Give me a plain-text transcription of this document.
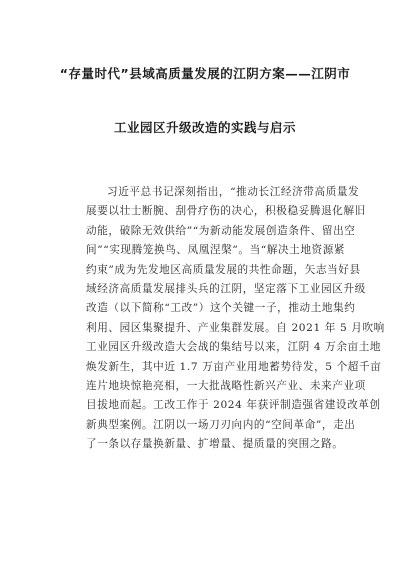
“存量时代”县域高质量发展的江阴方案——江阴市
工业园区升级改造的实践与启示
习近平总书记深刻指出，“推动长江经济带高质量发
展要以壮士断腕、刮骨疗伤的决心，积极稳妥腾退化解旧
动能，破除无效供给”“为新动能发展创造条件、留出空
间”“实现腾笼换鸟、凤凰涅槃”。当“解决土地资源紧
约束”成为先发地区高质量发展的共性命题，矢志当好县
域经济高质量发展排头兵的江阴，坚定落下工业园区升级
改造（以下简称“工改”）这个关键一子，推动土地集约
利用、园区集聚提升、产业集群发展。自 2021 年 5 月吹响
工业园区升级改造大会战的集结号以来，江阴 4 万余亩土地
焕发新生，其中近 1.7 万亩产业用地蓄势待发，5 个超千亩
连片地块惊艳亮相，一大批战略性新兴产业、未来产业项
目拔地而起。工改工作于 2024 年获评制造强省建设改革创
新典型案例。江阴以一场刀刃向内的“空间革命”，走出
了一条以存量换新量、扩增量、提质量的突围之路。
